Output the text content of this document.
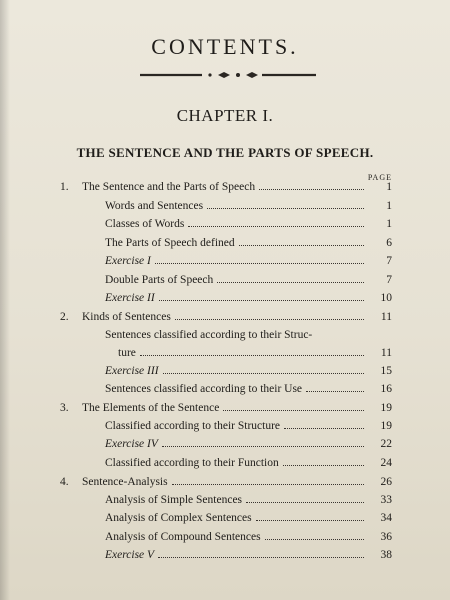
CONTENTS.
CHAPTER I.
THE SENTENCE AND THE PARTS OF SPEECH.
PAGE
1.	The Sentence and the Parts of Speech	1
Words and Sentences	1
Classes of Words	1
The Parts of Speech defined	6
Exercise I	7
Double Parts of Speech	7
Exercise II	10
2.	Kinds of Sentences	11
Sentences classified according to their Struc-
ture	11
Exercise III	15
Sentences classified according to their Use	16
3.	The Elements of the Sentence	19
Classified according to their Structure	19
Exercise IV	22
Classified according to their Function	24
4.	Sentence-Analysis	26
Analysis of Simple Sentences	33
Analysis of Complex Sentences	34
Analysis of Compound Sentences	36
Exercise V	38
